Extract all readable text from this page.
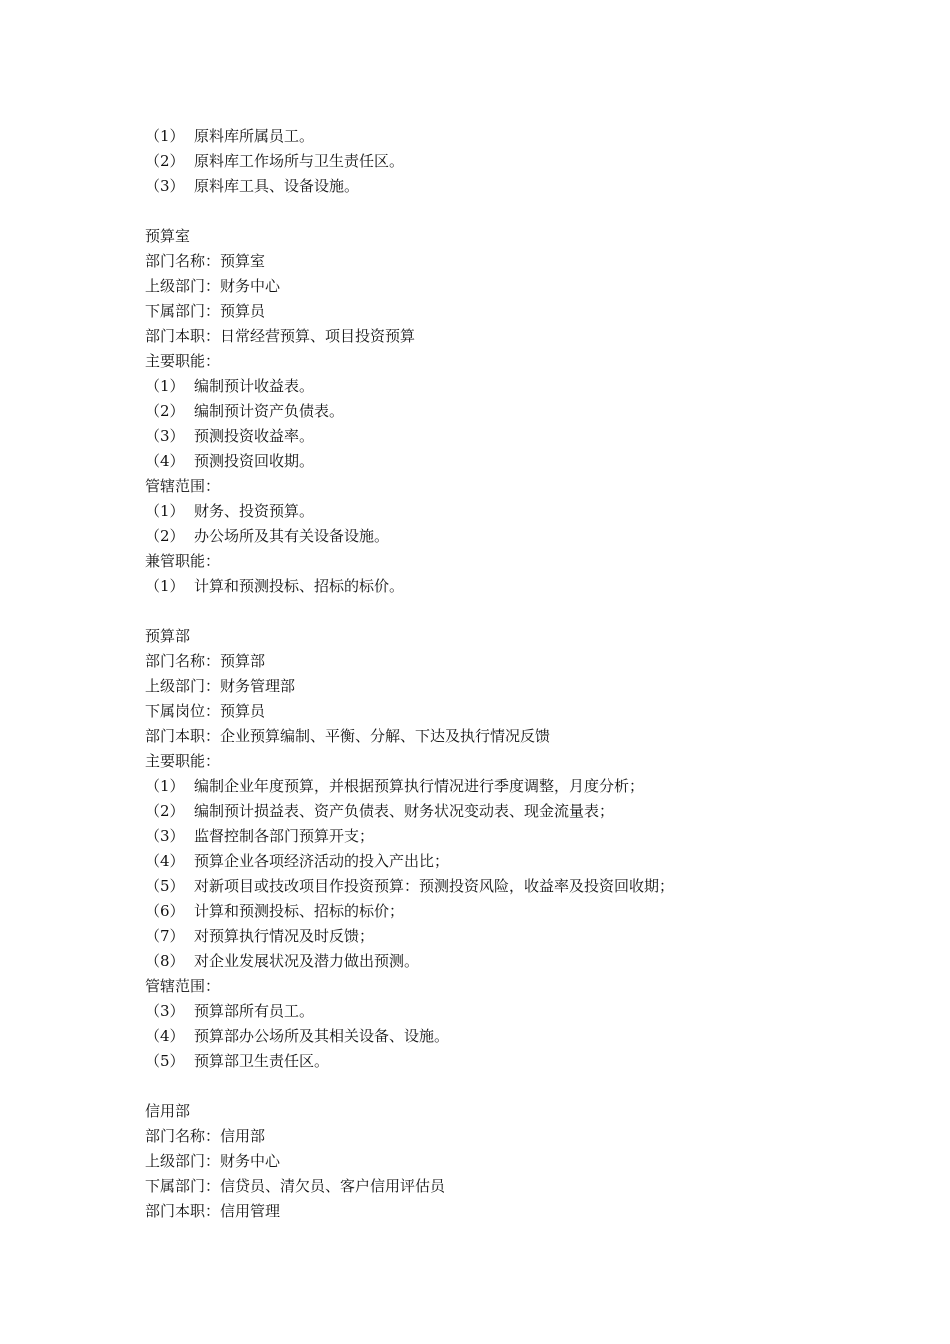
（1） 原料库所属员工。
（2） 原料库工作场所与卫生责任区。
（3） 原料库工具、设备设施。
预算室
部门名称：预算室
上级部门：财务中心
下属部门：预算员
部门本职：日常经营预算、项目投资预算
主要职能：
（1） 编制预计收益表。
（2） 编制预计资产负债表。
（3） 预测投资收益率。
（4） 预测投资回收期。
管辖范围：
（1） 财务、投资预算。
（2） 办公场所及其有关设备设施。
兼管职能：
（1） 计算和预测投标、招标的标价。
预算部
部门名称：预算部
上级部门：财务管理部
下属岗位：预算员
部门本职：企业预算编制、平衡、分解、下达及执行情况反馈
主要职能：
（1） 编制企业年度预算，并根据预算执行情况进行季度调整，月度分析；
（2） 编制预计损益表、资产负债表、财务状况变动表、现金流量表；
（3） 监督控制各部门预算开支；
（4） 预算企业各项经济活动的投入产出比；
（5） 对新项目或技改项目作投资预算：预测投资风险，收益率及投资回收期；
（6） 计算和预测投标、招标的标价；
（7） 对预算执行情况及时反馈；
（8） 对企业发展状况及潜力做出预测。
管辖范围：
（3） 预算部所有员工。
（4） 预算部办公场所及其相关设备、设施。
（5） 预算部卫生责任区。
信用部
部门名称：信用部
上级部门：财务中心
下属部门：信贷员、清欠员、客户信用评估员
部门本职：信用管理
